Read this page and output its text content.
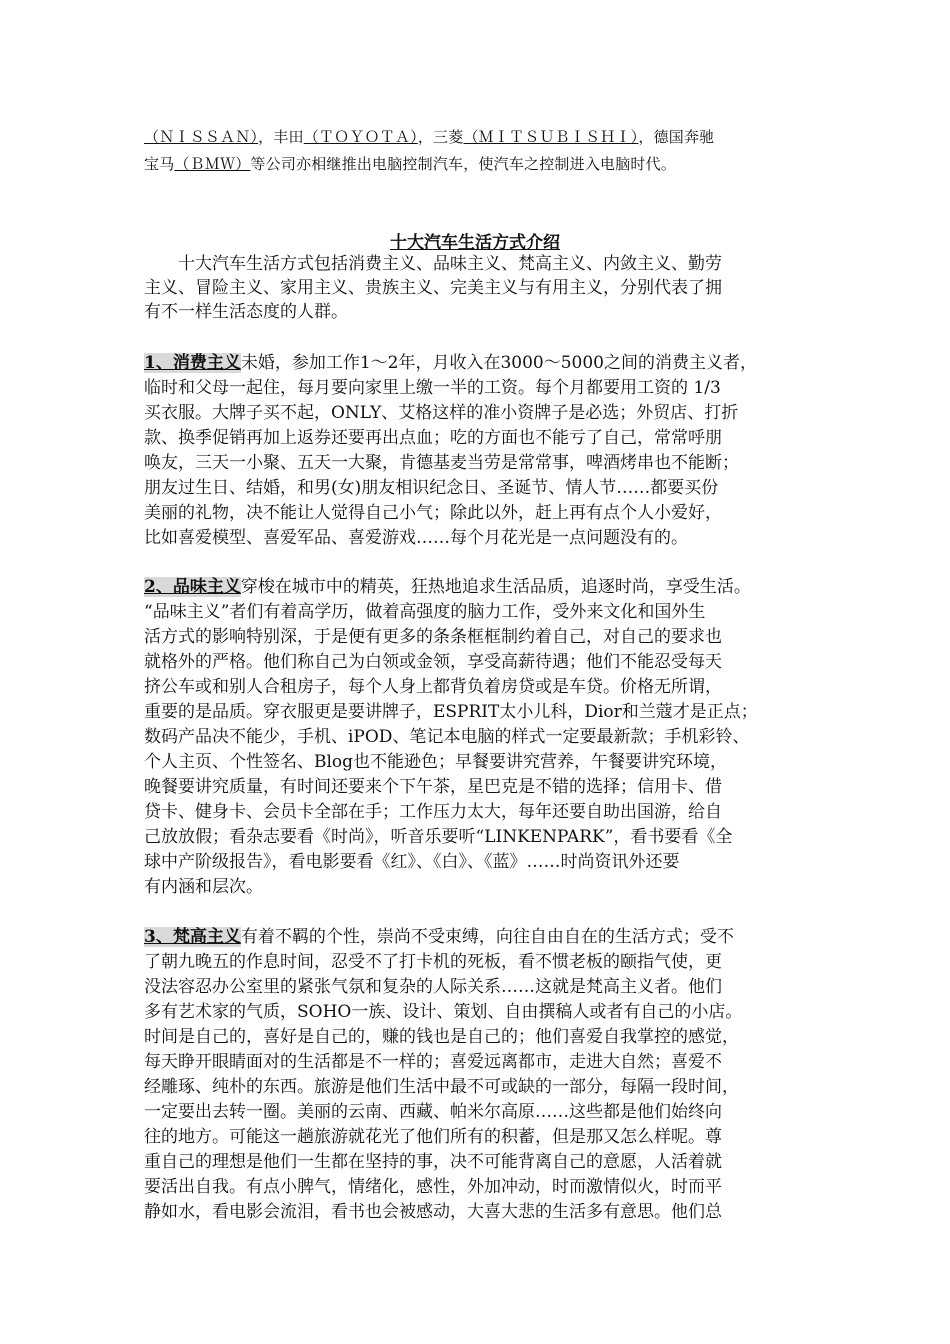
（ＮＩＳＳＡＮ），丰田（ＴＯＹＯＴＡ），三菱（ＭＩＴＳＵＢＩＳＨＩ），德国奔驰
宝马（ＢＭＷ）等公司亦相继推出电脑控制汽车，使汽车之控制进入电脑时代。
十大汽车生活方式介绍
　　十大汽车生活方式包括消费主义、品味主义、梵高主义、内敛主义、勤劳
主义、冒险主义、家用主义、贵族主义、完美主义与有用主义，分别代表了拥
有不一样生活态度的人群。
1、消费主义未婚，参加工作1～2年，月收入在3000～5000之间的消费主义者，
临时和父母一起住，每月要向家里上缴一半的工资。每个月都要用工资的 1/3
买衣服。大牌子买不起，ONLY、艾格这样的准小资牌子是必选；外贸店、打折
款、换季促销再加上返券还要再出点血；吃的方面也不能亏了自己，常常呼朋
唤友，三天一小聚、五天一大聚，肯德基麦当劳是常常事，啤酒烤串也不能断；
朋友过生日、结婚，和男(女)朋友相识纪念日、圣诞节、情人节……都要买份
美丽的礼物，决不能让人觉得自己小气；除此以外，赶上再有点个人小爱好，
比如喜爱模型、喜爱军品、喜爱游戏……每个月花光是一点问题没有的。
2、品味主义穿梭在城市中的精英，狂热地追求生活品质，追逐时尚，享受生活。
“品味主义”者们有着高学历，做着高强度的脑力工作，受外来文化和国外生
活方式的影响特别深，于是便有更多的条条框框制约着自己，对自己的要求也
就格外的严格。他们称自己为白领或金领，享受高薪待遇；他们不能忍受每天
挤公车或和别人合租房子，每个人身上都背负着房贷或是车贷。价格无所谓，
重要的是品质。穿衣服更是要讲牌子，ESPRIT太小儿科，Dior和兰蔻才是正点；
数码产品决不能少，手机、iPOD、笔记本电脑的样式一定要最新款；手机彩铃、
个人主页、个性签名、Blog也不能逊色；早餐要讲究营养，午餐要讲究环境，
晚餐要讲究质量，有时间还要来个下午茶，星巴克是不错的选择；信用卡、借
贷卡、健身卡、会员卡全部在手；工作压力太大，每年还要自助出国游，给自
己放放假；看杂志要看《时尚》，听音乐要听“LINKENPARK”，看书要看《全
球中产阶级报告》，看电影要看《红》、《白》、《蓝》……时尚资讯外还要
有内涵和层次。
3、梵高主义有着不羁的个性，崇尚不受束缚，向往自由自在的生活方式；受不
了朝九晚五的作息时间，忍受不了打卡机的死板，看不惯老板的颐指气使，更
没法容忍办公室里的紧张气氛和复杂的人际关系……这就是梵高主义者。他们
多有艺术家的气质，SOHO一族、设计、策划、自由撰稿人或者有自己的小店。
时间是自己的，喜好是自己的，赚的钱也是自己的；他们喜爱自我掌控的感觉，
每天睁开眼睛面对的生活都是不一样的；喜爱远离都市，走进大自然；喜爱不
经雕琢、纯朴的东西。旅游是他们生活中最不可或缺的一部分，每隔一段时间，
一定要出去转一圈。美丽的云南、西藏、帕米尔高原……这些都是他们始终向
往的地方。可能这一趟旅游就花光了他们所有的积蓄，但是那又怎么样呢。尊
重自己的理想是他们一生都在坚持的事，决不可能背离自己的意愿，人活着就
要活出自我。有点小脾气，情绪化，感性，外加冲动，时而激情似火，时而平
静如水，看电影会流泪，看书也会被感动，大喜大悲的生活多有意思。他们总
